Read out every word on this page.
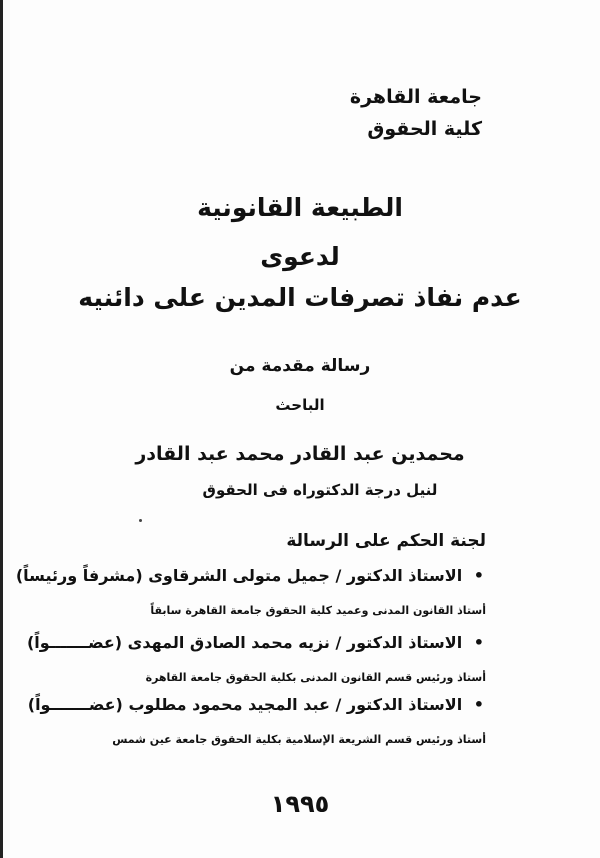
جامعة القاهرة
كلية الحقوق
الطبيعة القانونية
لدعوى
عدم نفاذ تصرفات المدين على دائنيه
رسالة مقدمة من
الباحث
محمدين عبد القادر محمد عبد القادر
لنيل درجة الدكتوراه فى الحقوق
لجنة الحكم على الرسالة
• الاستاذ الدكتور / جميل متولى الشرقاوى (مشرفاً ورئيساً)
أستاذ القانون المدنى وعميد كلية الحقوق جامعة القاهرة سابقاً
• الاستاذ الدكتور / نزيه محمد الصادق المهدى (عضـــــــواً)
أستاذ ورئيس قسم القانون المدنى بكلية الحقوق جامعة القاهرة
• الاستاذ الدكتور / عبد المجيد محمود مطلوب (عضـــــــواً)
أستاذ ورئيس قسم الشريعة الإسلامية بكلية الحقوق جامعة عين شمس
١٩٩٥
